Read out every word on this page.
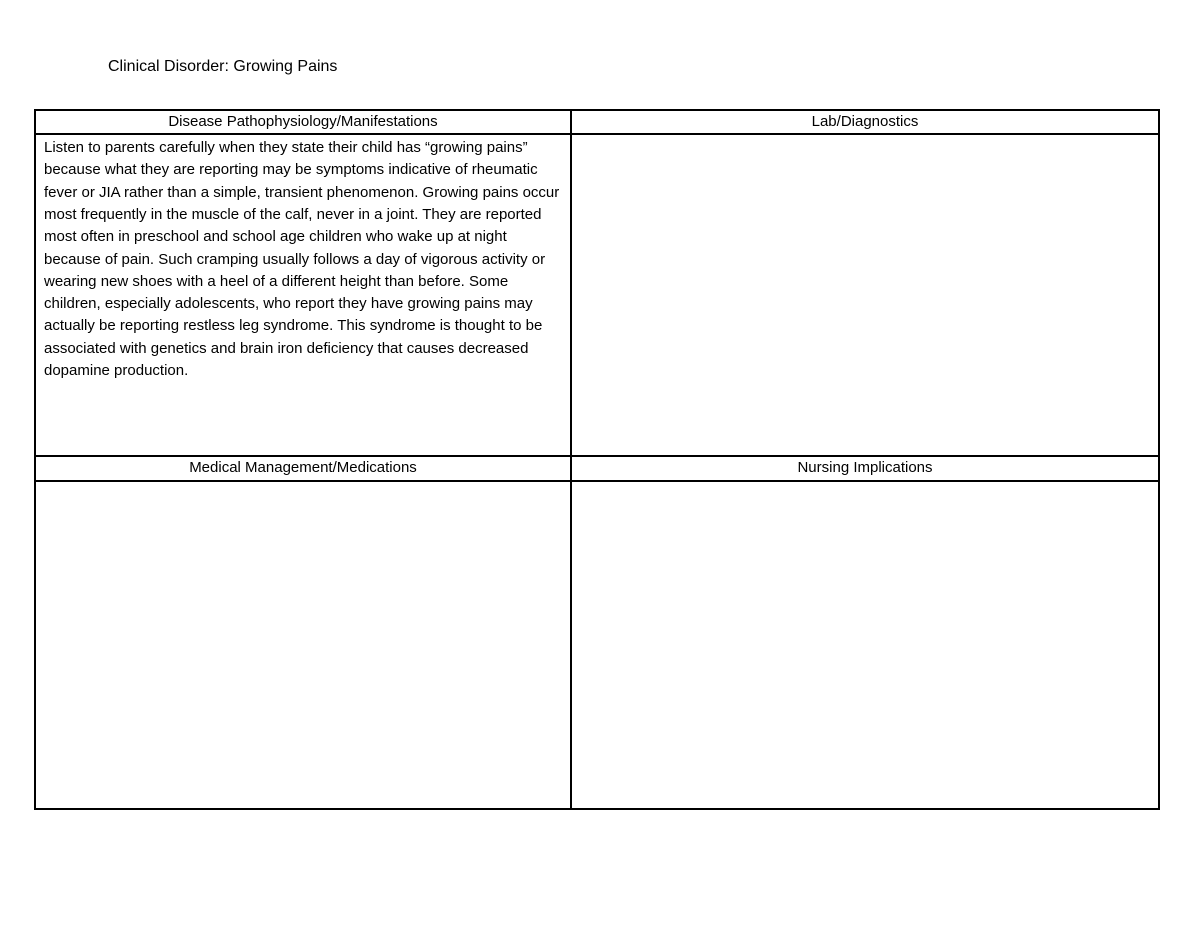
Clinical Disorder: Growing Pains
Disease Pathophysiology/Manifestations	Lab/Diagnostics

Listen to parents carefully when they state their child has “growing pains” because what they are reporting may be symptoms indicative of rheumatic fever or JIA rather than a simple, transient phenomenon. Growing pains occur most frequently in the muscle of the calf, never in a joint. They are reported most often in preschool and school age children who wake up at night because of pain. Such cramping usually follows a day of vigorous activity or wearing new shoes with a heel of a different height than before. Some children, especially adolescents, who report they have growing pains may actually be reporting restless leg syndrome. This syndrome is thought to be associated with genetics and brain iron deficiency that causes decreased dopamine production.	

Medical Management/Medications	Nursing Implications
